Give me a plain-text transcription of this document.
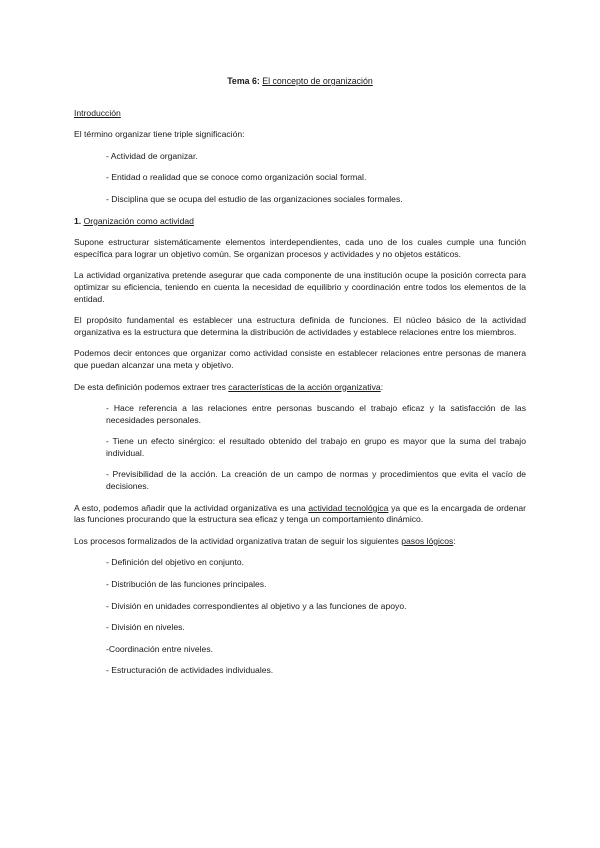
Tema 6: El concepto de organización

Introducción

El término organizar tiene triple significación:

- Actividad de organizar.

- Entidad o realidad que se conoce como organización social formal.

- Disciplina que se ocupa del estudio de las organizaciones sociales formales.

1. Organización como actividad

Supone estructurar sistemáticamente elementos interdependientes, cada uno de los cuales cumple una función específica para lograr un objetivo común. Se organizan procesos y actividades y no objetos estáticos.

La actividad organizativa pretende asegurar que cada componente de una institución ocupe la posición correcta para optimizar su eficiencia, teniendo en cuenta la necesidad de equilibrio y coordinación entre todos los elementos de la entidad.

El propósito fundamental es establecer una estructura definida de funciones. El núcleo básico de la actividad organizativa es la estructura que determina la distribución de actividades y establece relaciones entre los miembros.

Podemos decir entonces que organizar como actividad consiste en establecer relaciones entre personas de manera que puedan alcanzar una meta y objetivo.

De esta definición podemos extraer tres características de la acción organizativa:

- Hace referencia a las relaciones entre personas buscando el trabajo eficaz y la satisfacción de las necesidades personales.

- Tiene un efecto sinérgico: el resultado obtenido del trabajo en grupo es mayor que la suma del trabajo individual.

- Previsibilidad de la acción. La creación de un campo de normas y procedimientos que evita el vacío de decisiones.

A esto, podemos añadir que la actividad organizativa es una actividad tecnológica ya que es la encargada de ordenar las funciones procurando que la estructura sea eficaz y tenga un comportamiento dinámico.

Los procesos formalizados de la actividad organizativa tratan de seguir los siguientes pasos lógicos:

- Definición del objetivo en conjunto.

- Distribución de las funciones principales.

- División en unidades correspondientes al objetivo y a las funciones de apoyo.

- División en niveles.

-Coordinación entre niveles.

- Estructuración de actividades individuales.
